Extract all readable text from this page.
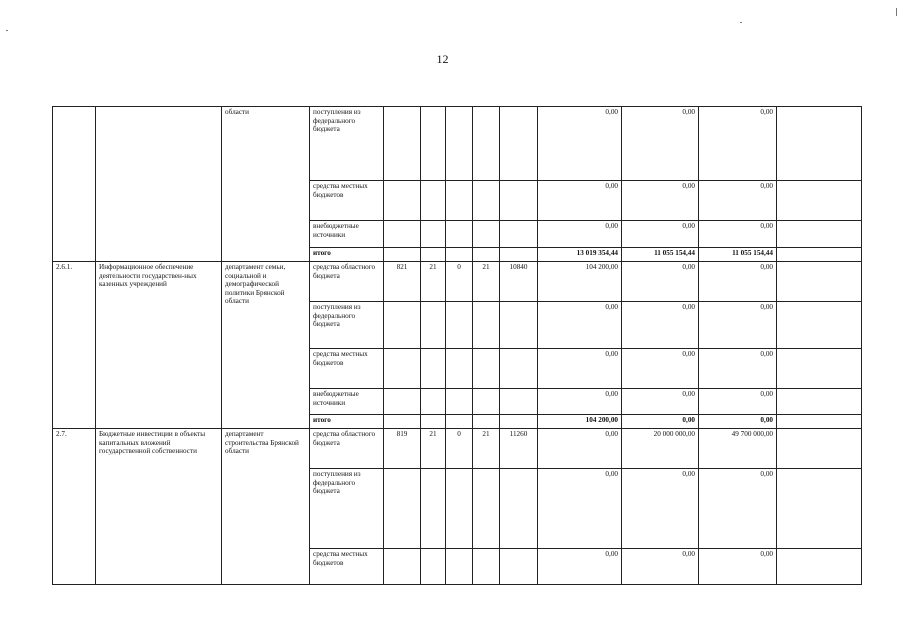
12
		области	поступления из федерального бюджета						0,00	0,00	0,00	
			средства местных бюджетов						0,00	0,00	0,00	
			внебюджетные источники						0,00	0,00	0,00	
			итого						13 019 354,44	11 055 154,44	11 055 154,44	
2.6.1.	Информационное обеспечение деятельности государствен-ных казенных учреждений	департамент семьи, социальной и демографической политики Брянской области	средства областного бюджета	821	21	0	21	10840	104 200,00	0,00	0,00	
			поступления из федерального бюджета						0,00	0,00	0,00	
			средства местных бюджетов						0,00	0,00	0,00	
			внебюджетные источники						0,00	0,00	0,00	
			итого						104 200,00	0,00	0,00	
2.7.	Бюджетные инвестиции в объекты капитальных вложений государственной собственности	департамент строительства Брянской области	средства областного бюджета	819	21	0	21	11260	0,00	20 000 000,00	49 700 000,00	
			поступления из федерального бюджета						0,00	0,00	0,00	
			средства местных бюджетов						0,00	0,00	0,00	
